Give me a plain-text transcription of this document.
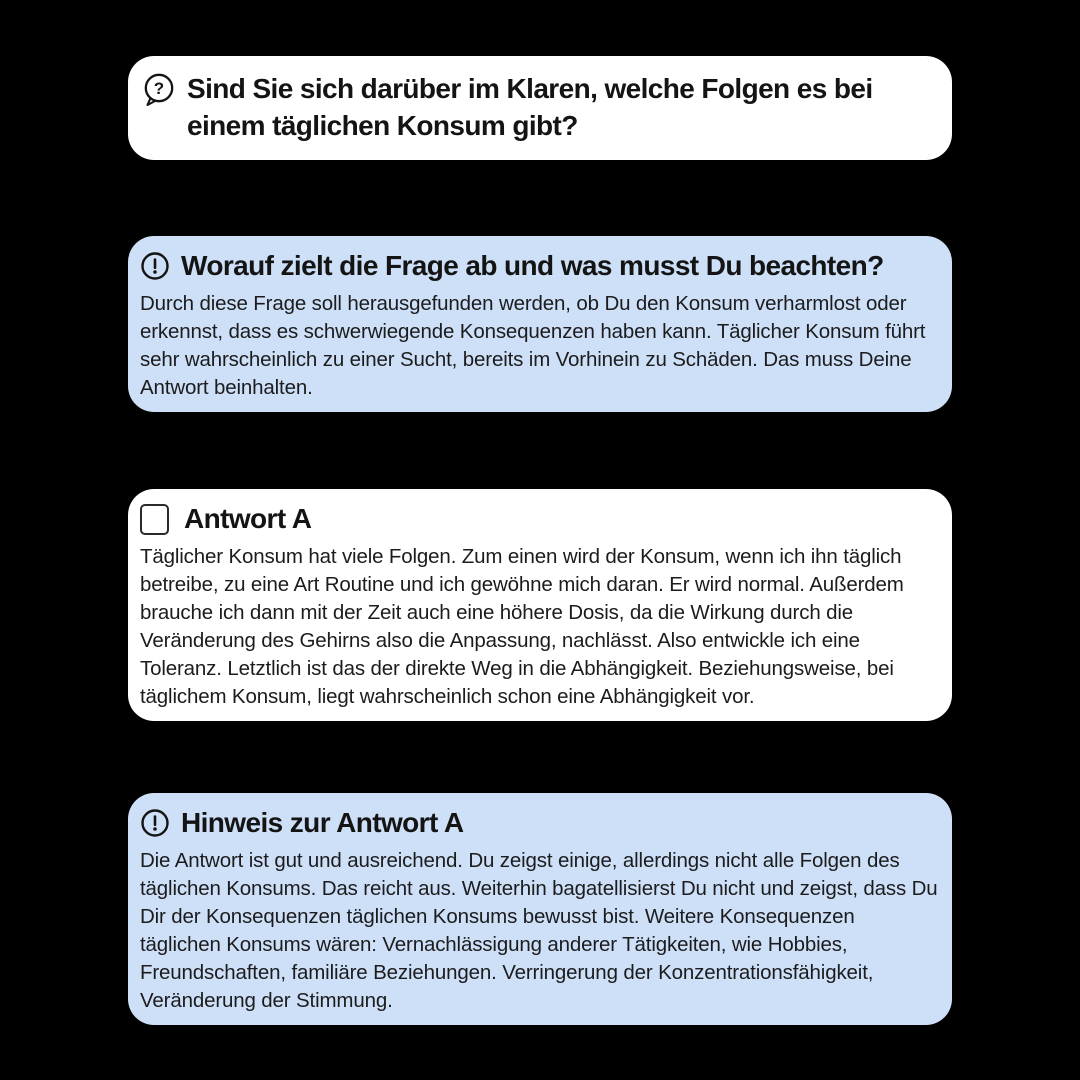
? Sind Sie sich darüber im Klaren, welche Folgen es bei einem täglichen Konsum gibt?
Worauf zielt die Frage ab und was musst Du beachten?
Durch diese Frage soll herausgefunden werden, ob Du den Konsum verharmlost oder erkennst, dass es schwerwiegende Konsequenzen haben kann. Täglicher Konsum führt sehr wahrscheinlich zu einer Sucht, bereits im Vorhinein zu Schäden. Das muss Deine Antwort beinhalten.
Antwort A
Täglicher Konsum hat viele Folgen. Zum einen wird der Konsum, wenn ich ihn täglich betreibe, zu eine Art Routine und ich gewöhne mich daran. Er wird normal. Außerdem brauche ich dann mit der Zeit auch eine höhere Dosis, da die Wirkung durch die Veränderung des Gehirns also die Anpassung, nachlässt. Also entwickle ich eine Toleranz. Letztlich ist das der direkte Weg in die Abhängigkeit. Beziehungsweise, bei täglichem Konsum, liegt wahrscheinlich schon eine Abhängigkeit vor.
Hinweis zur Antwort A
Die Antwort ist gut und ausreichend. Du zeigst einige, allerdings nicht alle Folgen des täglichen Konsums. Das reicht aus. Weiterhin bagatellisierst Du nicht und zeigst, dass Du Dir der Konsequenzen täglichen Konsums bewusst bist. Weitere Konsequenzen täglichen Konsums wären: Vernachlässigung anderer Tätigkeiten, wie Hobbies, Freundschaften, familiäre Beziehungen. Verringerung der Konzentrationsfähigkeit, Veränderung der Stimmung.
